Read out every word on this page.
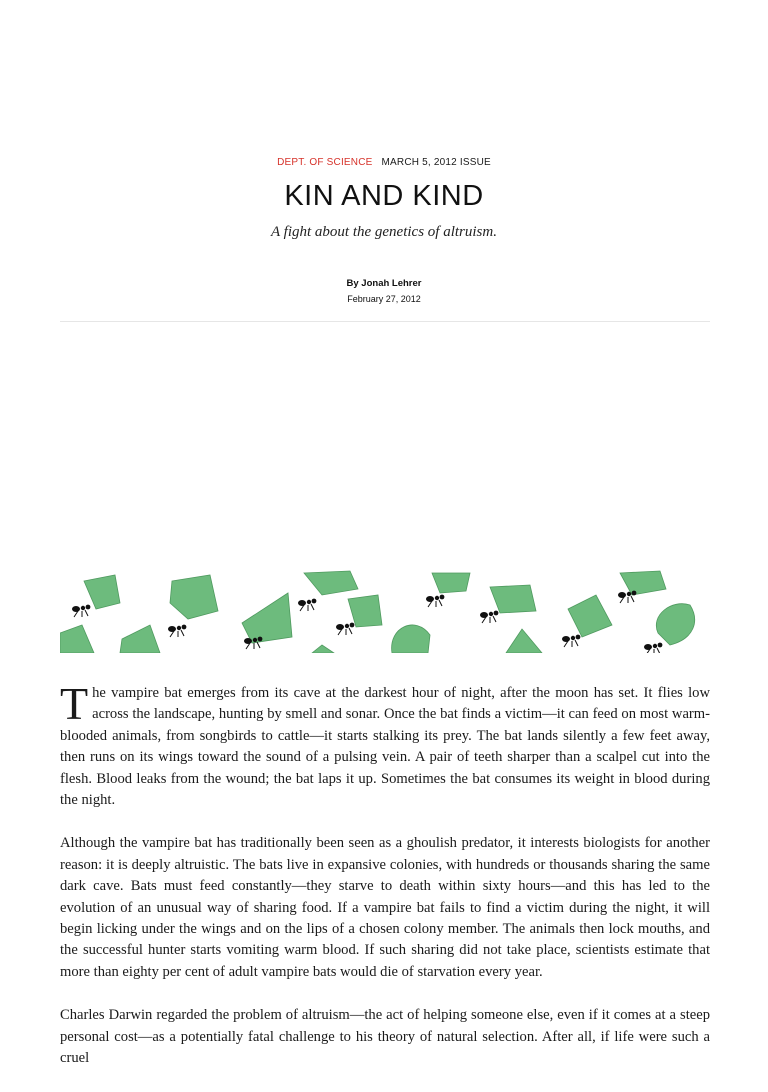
DEPT. OF SCIENCE MARCH 5, 2012 ISSUE
KIN AND KIND
A fight about the genetics of altruism.
By Jonah Lehrer
February 27, 2012

The vampire bat emerges from its cave at the darkest hour of night, after the moon has set. It flies low across the landscape, hunting by smell and sonar. Once the bat finds a victim—it can feed on most warm-blooded animals, from songbirds to cattle—it starts stalking its prey. The bat lands silently a few feet away, then runs on its wings toward the sound of a pulsing vein. A pair of teeth sharper than a scalpel cut into the flesh. Blood leaks from the wound; the bat laps it up. Sometimes the bat consumes its weight in blood during the night.

Although the vampire bat has traditionally been seen as a ghoulish predator, it interests biologists for another reason: it is deeply altruistic. The bats live in expansive colonies, with hundreds or thousands sharing the same dark cave. Bats must feed constantly—they starve to death within sixty hours—and this has led to the evolution of an unusual way of sharing food. If a vampire bat fails to find a victim during the night, it will begin licking under the wings and on the lips of a chosen colony member. The animals then lock mouths, and the successful hunter starts vomiting warm blood. If such sharing did not take place, scientists estimate that more than eighty per cent of adult vampire bats would die of starvation every year.

Charles Darwin regarded the problem of altruism—the act of helping someone else, even if it comes at a steep personal cost—as a potentially fatal challenge to his theory of natural selection. After all, if life were such a cruel
